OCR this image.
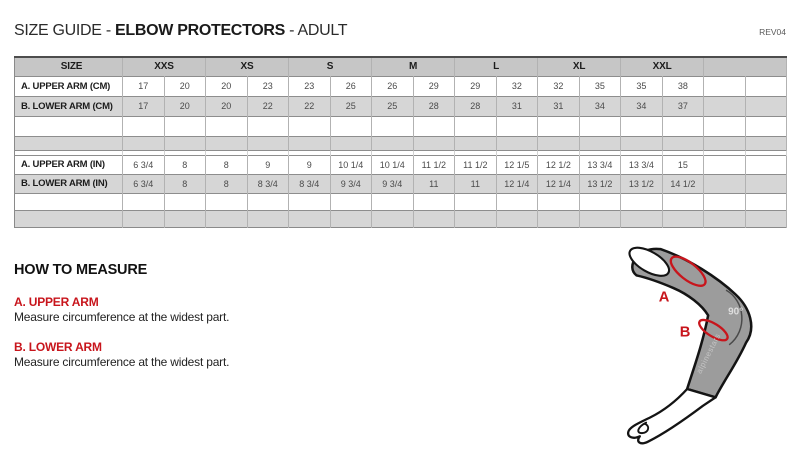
SIZE GUIDE - ELBOW PROTECTORS - ADULT	REV04
SIZE	XXS		XS		S		M		L		XL		XXL			
A. UPPER ARM (CM)	17	20	20	23	23	26	26	29	29	32	32	35	35	38		
B. LOWER ARM (CM)	17	20	20	22	22	25	25	28	28	31	31	34	34	37		

A. UPPER ARM (IN)	6 3/4	8	8	9	9	10 1/4	10 1/4	11 1/2	11 1/2	12 1/5	12 1/2	13 3/4	13 3/4	15		
B. LOWER ARM (IN)	6 3/4	8	8	8 3/4	8 3/4	9 3/4	9 3/4	11	11	12 1/4	12 1/4	13 1/2	13 1/2	14 1/2		

HOW TO MEASURE
A. UPPER ARM
Measure circumference at the widest part.
B. LOWER ARM
Measure circumference at the widest part.
A
B
90°
alpinestars
